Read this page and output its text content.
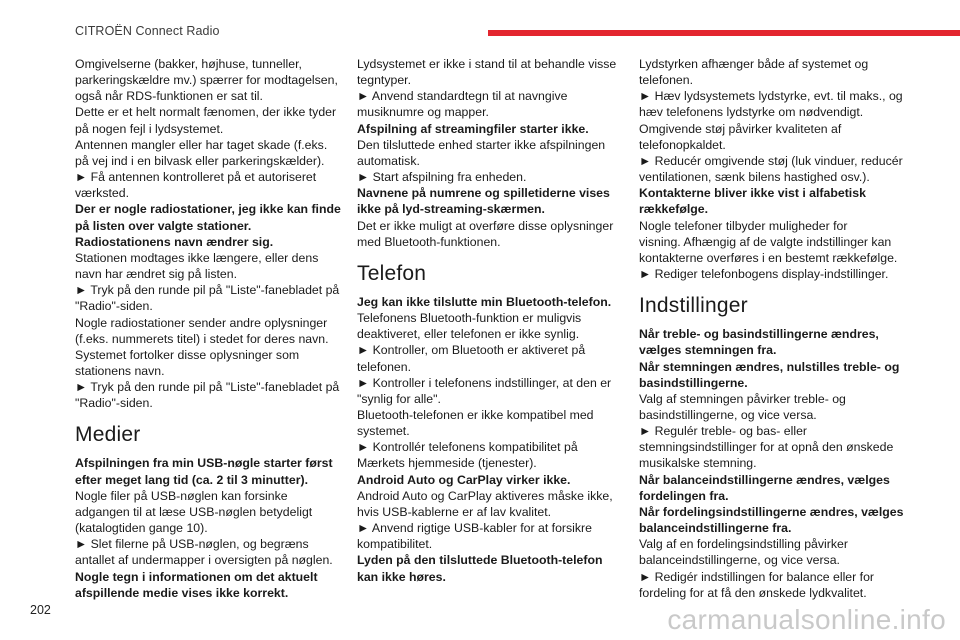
CITROËN Connect Radio
Omgivelserne (bakker, højhuse, tunneller,
parkeringskældre mv.) spærrer for modtagelsen,
også når RDS-funktionen er sat til.
Dette er et helt normalt fænomen, der ikke tyder
på nogen fejl i lydsystemet.
Antennen mangler eller har taget skade (f.eks.
på vej ind i en bilvask eller parkeringskælder).
► Få antennen kontrolleret på et autoriseret
værksted.
Der er nogle radiostationer, jeg ikke kan finde
på listen over valgte stationer.

Radiostationens navn ændrer sig.

Stationen modtages ikke længere, eller dens
navn har ændret sig på listen.
► Tryk på den runde pil på "Liste"-fanebladet på
"Radio"-siden.
Nogle radiostationer sender andre oplysninger
(f.eks. nummerets titel) i stedet for deres navn.
Systemet fortolker disse oplysninger som
stationens navn.
► Tryk på den runde pil på "Liste"-fanebladet på
"Radio"-siden.
Medier
Afspilningen fra min USB-nøgle starter først
efter meget lang tid (ca. 2 til 3 minutter).
Nogle filer på USB-nøglen kan forsinke
adgangen til at læse USB-nøglen betydeligt
(katalogtiden gange 10).
► Slet filerne på USB-nøglen, og begræns
antallet af undermapper i oversigten på nøglen.
Nogle tegn i informationen om det aktuelt
afspillende medie vises ikke korrekt.
Lydsystemet er ikke i stand til at behandle visse
tegntyper.
► Anvend standardtegn til at navngive
musiknumre og mapper.

Afspilning af streamingfiler starter ikke.

Den tilsluttede enhed starter ikke afspilningen
automatisk.
► Start afspilning fra enheden.
Navnene på numrene og spilletiderne vises
ikke på lyd-streaming-skærmen.
Det er ikke muligt at overføre disse oplysninger
med Bluetooth-funktionen.
Telefon

Jeg kan ikke tilslutte min Bluetooth-telefon.

Telefonens Bluetooth-funktion er muligvis
deaktiveret, eller telefonen er ikke synlig.
► Kontroller, om Bluetooth er aktiveret på
telefonen.
► Kontroller i telefonens indstillinger, at den er
"synlig for alle".
Bluetooth-telefonen er ikke kompatibel med
systemet.
► Kontrollér telefonens kompatibilitet på
Mærkets hjemmeside (tjenester).

Android Auto og CarPlay virker ikke.

Android Auto og CarPlay aktiveres måske ikke,
hvis USB-kablerne er af lav kvalitet.
► Anvend rigtige USB-kabler for at forsikre
kompatibilitet.
Lyden på den tilsluttede Bluetooth-telefon
kan ikke høres.
Lydstyrken afhænger både af systemet og
telefonen.
► Hæv lydsystemets lydstyrke, evt. til maks., og
hæv telefonens lydstyrke om nødvendigt.
Omgivende støj påvirker kvaliteten af
telefonopkaldet.
► Reducér omgivende støj (luk vinduer, reducér
ventilationen, sænk bilens hastighed osv.).
Kontakterne bliver ikke vist i alfabetisk
rækkefølge.
Nogle telefoner tilbyder muligheder for
visning. Afhængig af de valgte indstillinger kan
kontakterne overføres i en bestemt rækkefølge.
► Rediger telefonbogens display-indstillinger.
Indstillinger
Når treble- og basindstillingerne ændres,
vælges stemningen fra.
Når stemningen ændres, nulstilles treble- og
basindstillingerne.
Valg af stemningen påvirker treble- og
basindstillingerne, og vice versa.
► Regulér treble- og bas- eller
stemningsindstillinger for at opnå den ønskede
musikalske stemning.
Når balanceindstillingerne ændres, vælges
fordelingen fra.
Når fordelingsindstillingerne ændres, vælges
balanceindstillingerne fra.
Valg af en fordelingsindstilling påvirker
balanceindstillingerne, og vice versa.
► Redigér indstillingen for balance eller for
fordeling for at få den ønskede lydkvalitet.
202	carmanualsonline.info
